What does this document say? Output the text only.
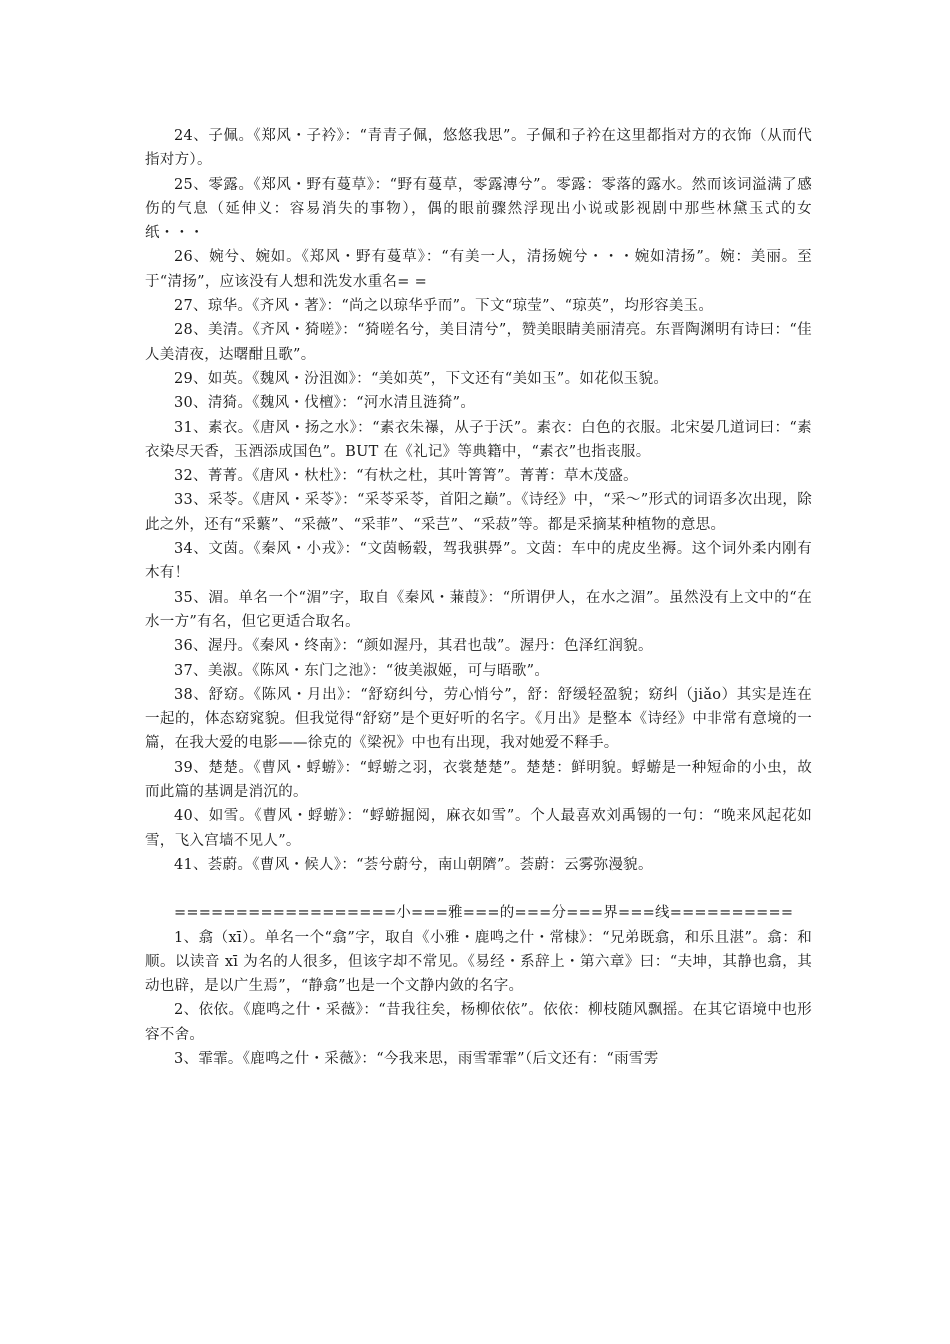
24、子佩。《郑风・子衿》：“青青子佩，悠悠我思”。子佩和子衿在这里都指对方的衣饰（从而代指对方）。

25、零露。《郑风・野有蔓草》：“野有蔓草，零露漙兮”。零露：零落的露水。然而该词溢满了感伤的气息（延伸义：容易消失的事物），偶的眼前骤然浮现出小说或影视剧中那些林黛玉式的女纸・・・

26、婉兮、婉如。《郑风・野有蔓草》：“有美一人，清扬婉兮・・・婉如清扬”。婉：美丽。至于“清扬”，应该没有人想和洗发水重名= =

27、琼华。《齐风・著》：“尚之以琼华乎而”。下文“琼莹”、“琼英”，均形容美玉。

28、美清。《齐风・猗嗟》：“猗嗟名兮，美目清兮”，赞美眼睛美丽清亮。东晋陶渊明有诗曰：“佳人美清夜，达曙酣且歌”。

29、如英。《魏风・汾沮洳》：“美如英”，下文还有“美如玉”。如花似玉貌。

30、清猗。《魏风・伐檀》：“河水清且涟猗”。

31、素衣。《唐风・扬之水》：“素衣朱襮，从子于沃”。素衣：白色的衣服。北宋晏几道词曰：“素衣染尽天香，玉酒添成国色”。BUT 在《礼记》等典籍中，“素衣”也指丧服。

32、菁菁。《唐风・杕杜》：“有杕之杜，其叶箐箐”。菁菁：草木茂盛。

33、采苓。《唐风・采苓》：“采苓采苓，首阳之巅”。《诗经》中，“采～”形式的词语多次出现，除此之外，还有“采蘩”、“采薇”、“采菲”、“采芑”、“采菽”等。都是采摘某种植物的意思。

34、文茵。《秦风・小戎》：“文茵畅毂，驾我骐馵”。文茵：车中的虎皮坐褥。这个词外柔内刚有木有！

35、湄。单名一个“湄”字，取自《秦风・蒹葭》：“所谓伊人，在水之湄”。虽然没有上文中的“在水一方”有名，但它更适合取名。

36、渥丹。《秦风・终南》：“颜如渥丹，其君也哉”。渥丹：色泽红润貌。

37、美淑。《陈风・东门之池》：“彼美淑姬，可与晤歌”。

38、舒窈。《陈风・月出》：“舒窈纠兮，劳心悄兮”，舒：舒缓轻盈貌；窈纠（jiǎo）其实是连在一起的，体态窈窕貌。但我觉得“舒窈”是个更好听的名字。《月出》是整本《诗经》中非常有意境的一篇，在我大爱的电影——徐克的《梁祝》中也有出现，我对她爱不释手。

39、楚楚。《曹风・蜉蝣》：“蜉蝣之羽，衣裳楚楚”。楚楚：鲜明貌。蜉蝣是一种短命的小虫，故而此篇的基调是消沉的。

40、如雪。《曹风・蜉蝣》：“蜉蝣掘阅，麻衣如雪”。个人最喜欢刘禹锡的一句：“晚来风起花如雪，飞入宫墙不见人”。

41、荟蔚。《曹风・候人》：“荟兮蔚兮，南山朝隮”。荟蔚：云雾弥漫貌。

==================小===雅===的===分===界===线==========

1、翕（xī）。单名一个“翕”字，取自《小雅・鹿鸣之什・常棣》：“兄弟既翕，和乐且湛”。翕：和顺。以读音 xī 为名的人很多，但该字却不常见。《易经・系辞上・第六章》曰：“夫坤，其静也翕，其动也辟，是以广生焉”，“静翕”也是一个文静内敛的名字。

2、依依。《鹿鸣之什・采薇》：“昔我往矣，杨柳依依”。依依：柳枝随风飘摇。在其它语境中也形容不舍。

3、霏霏。《鹿鸣之什・采薇》：“今我来思，雨雪霏霏”（后文还有：“雨雪雱
